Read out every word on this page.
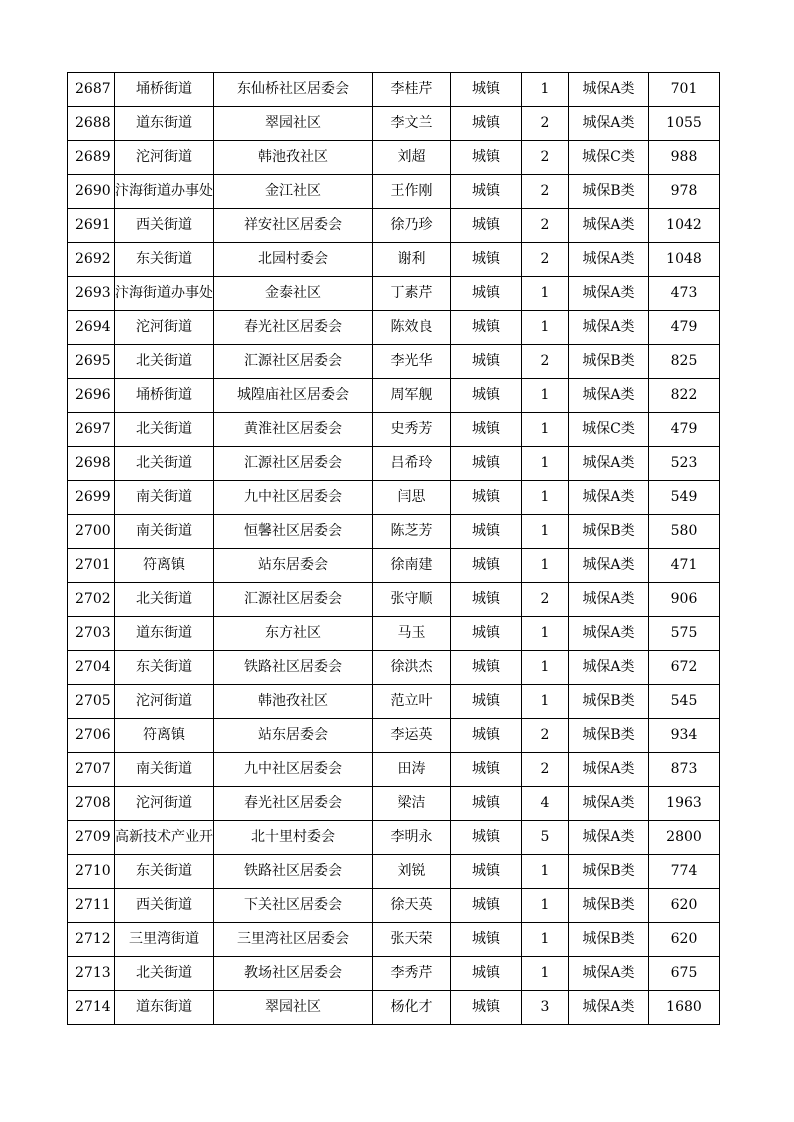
2687	埇桥街道	东仙桥社区居委会	李桂芹	城镇	1	城保A类	701
2688	道东街道	翠园社区	李文兰	城镇	2	城保A类	1055
2689	沱河街道	韩池孜社区	刘超	城镇	2	城保C类	988
2690	汴海街道办事处	金江社区	王作刚	城镇	2	城保B类	978
2691	西关街道	祥安社区居委会	徐乃珍	城镇	2	城保A类	1042
2692	东关街道	北园村委会	谢利	城镇	2	城保A类	1048
2693	汴海街道办事处	金泰社区	丁素芹	城镇	1	城保A类	473
2694	沱河街道	春光社区居委会	陈效良	城镇	1	城保A类	479
2695	北关街道	汇源社区居委会	李光华	城镇	2	城保B类	825
2696	埇桥街道	城隍庙社区居委会	周军舰	城镇	1	城保A类	822
2697	北关街道	黄淮社区居委会	史秀芳	城镇	1	城保C类	479
2698	北关街道	汇源社区居委会	吕希玲	城镇	1	城保A类	523
2699	南关街道	九中社区居委会	闫思	城镇	1	城保A类	549
2700	南关街道	恒馨社区居委会	陈芝芳	城镇	1	城保B类	580
2701	符离镇	站东居委会	徐南建	城镇	1	城保A类	471
2702	北关街道	汇源社区居委会	张守顺	城镇	2	城保A类	906
2703	道东街道	东方社区	马玉	城镇	1	城保A类	575
2704	东关街道	铁路社区居委会	徐洪杰	城镇	1	城保A类	672
2705	沱河街道	韩池孜社区	范立叶	城镇	1	城保B类	545
2706	符离镇	站东居委会	李运英	城镇	2	城保B类	934
2707	南关街道	九中社区居委会	田涛	城镇	2	城保A类	873
2708	沱河街道	春光社区居委会	梁洁	城镇	4	城保A类	1963
2709	高新技术产业开	北十里村委会	李明永	城镇	5	城保A类	2800
2710	东关街道	铁路社区居委会	刘锐	城镇	1	城保B类	774
2711	西关街道	下关社区居委会	徐天英	城镇	1	城保B类	620
2712	三里湾街道	三里湾社区居委会	张天荣	城镇	1	城保B类	620
2713	北关街道	教场社区居委会	李秀芹	城镇	1	城保A类	675
2714	道东街道	翠园社区	杨化才	城镇	3	城保A类	1680
